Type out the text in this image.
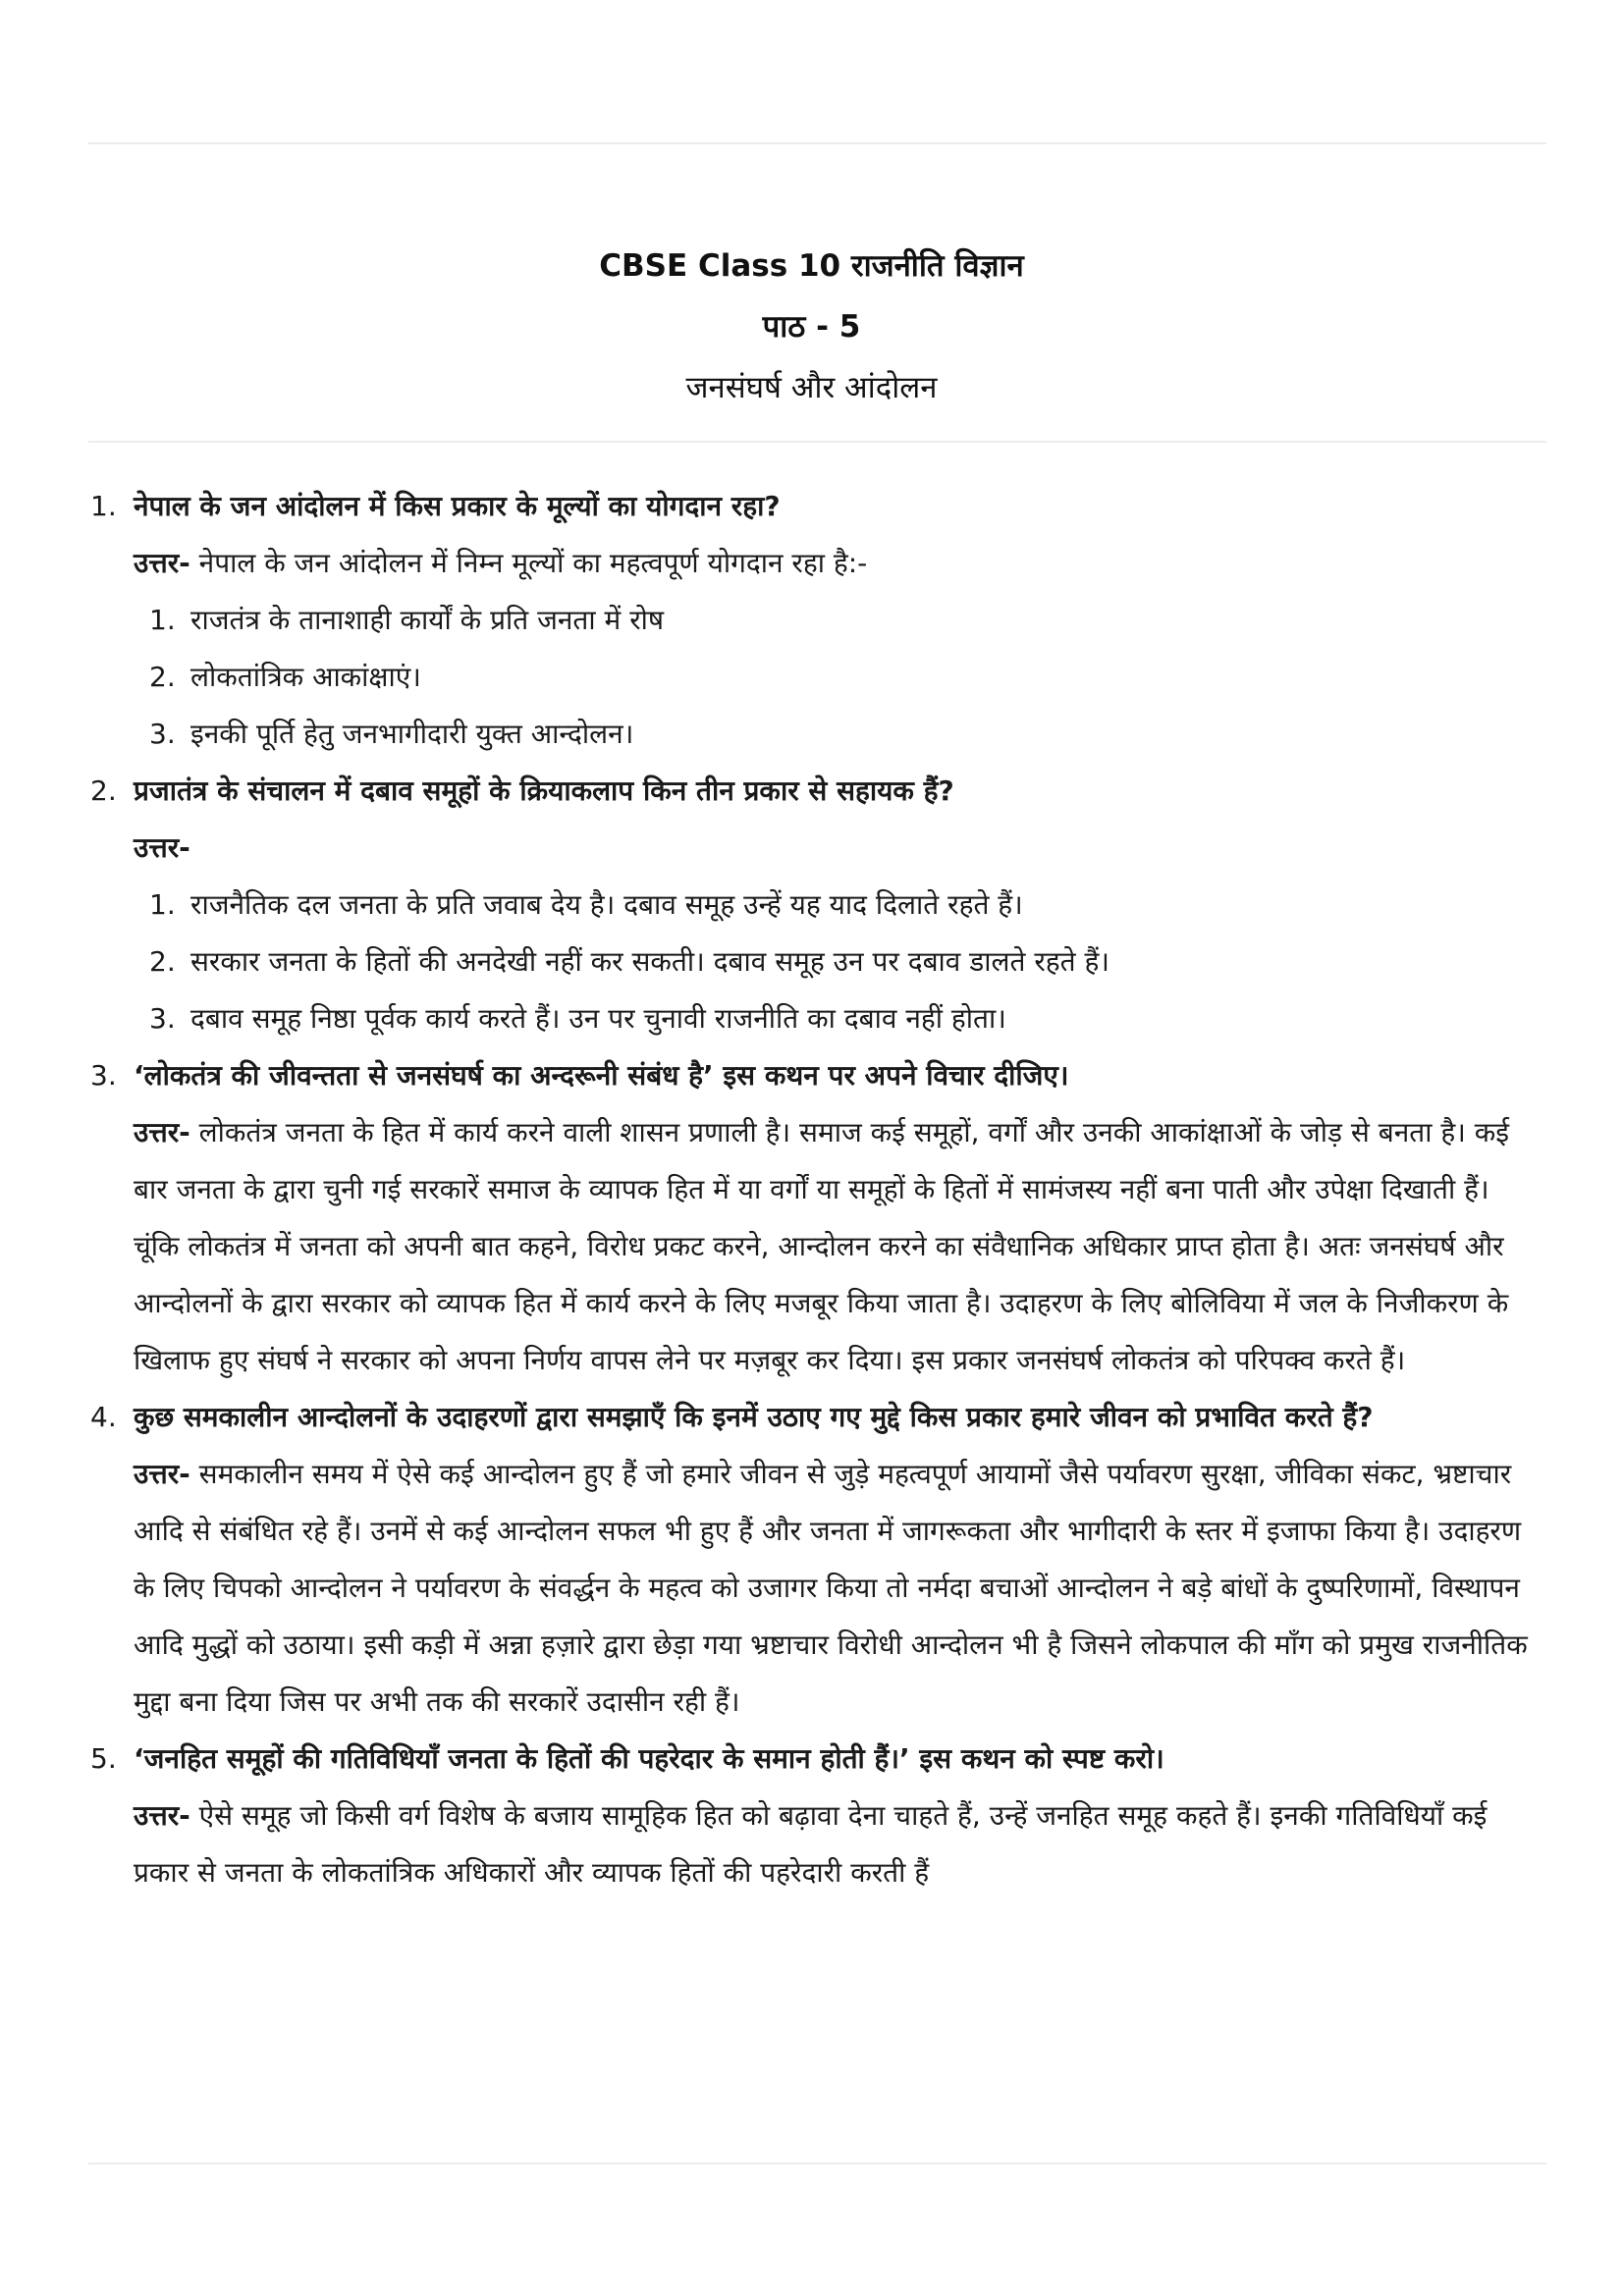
CBSE Class 10 राजनीति विज्ञान
पाठ - 5
जनसंघर्ष और आंदोलन
1. नेपाल के जन आंदोलन में किस प्रकार के मूल्यों का योगदान रहा?
उत्तर- नेपाल के जन आंदोलन में निम्न मूल्यों का महत्वपूर्ण योगदान रहा है:-
1. राजतंत्र के तानाशाही कार्यों के प्रति जनता में रोष
2. लोकतांत्रिक आकांक्षाएं।
3. इनकी पूर्ति हेतु जनभागीदारी युक्त आन्दोलन।
2. प्रजातंत्र के संचालन में दबाव समूहों के क्रियाकलाप किन तीन प्रकार से सहायक हैं?
उत्तर-
1. राजनैतिक दल जनता के प्रति जवाब देय है। दबाव समूह उन्हें यह याद दिलाते रहते हैं।
2. सरकार जनता के हितों की अनदेखी नहीं कर सकती। दबाव समूह उन पर दबाव डालते रहते हैं।
3. दबाव समूह निष्ठा पूर्वक कार्य करते हैं। उन पर चुनावी राजनीति का दबाव नहीं होता।
3. ‘लोकतंत्र की जीवन्तता से जनसंघर्ष का अन्दरूनी संबंध है’ इस कथन पर अपने विचार दीजिए।
उत्तर- लोकतंत्र जनता के हित में कार्य करने वाली शासन प्रणाली है। समाज कई समूहों, वर्गों और उनकी आकांक्षाओं के जोड़ से बनता है। कई बार जनता के द्वारा चुनी गई सरकारें समाज के व्यापक हित में या वर्गों या समूहों के हितों में सामंजस्य नहीं बना पाती और उपेक्षा दिखाती हैं। चूंकि लोकतंत्र में जनता को अपनी बात कहने, विरोध प्रकट करने, आन्दोलन करने का संवैधानिक अधिकार प्राप्त होता है। अतः जनसंघर्ष और आन्दोलनों के द्वारा सरकार को व्यापक हित में कार्य करने के लिए मजबूर किया जाता है। उदाहरण के लिए बोलिविया में जल के निजीकरण के खिलाफ हुए संघर्ष ने सरकार को अपना निर्णय वापस लेने पर मज़बूर कर दिया। इस प्रकार जनसंघर्ष लोकतंत्र को परिपक्व करते हैं।
4. कुछ समकालीन आन्दोलनों के उदाहरणों द्वारा समझाएँ कि इनमें उठाए गए मुद्दे किस प्रकार हमारे जीवन को प्रभावित करते हैं?
उत्तर- समकालीन समय में ऐसे कई आन्दोलन हुए हैं जो हमारे जीवन से जुड़े महत्वपूर्ण आयामों जैसे पर्यावरण सुरक्षा, जीविका संकट, भ्रष्टाचार आदि से संबंधित रहे हैं। उनमें से कई आन्दोलन सफल भी हुए हैं और जनता में जागरूकता और भागीदारी के स्तर में इजाफा किया है। उदाहरण के लिए चिपको आन्दोलन ने पर्यावरण के संवर्द्धन के महत्व को उजागर किया तो नर्मदा बचाओं आन्दोलन ने बड़े बांधों के दुष्परिणामों, विस्थापन आदि मुद्धों को उठाया। इसी कड़ी में अन्ना हज़ारे द्वारा छेड़ा गया भ्रष्टाचार विरोधी आन्दोलन भी है जिसने लोकपाल की माँग को प्रमुख राजनीतिक मुद्दा बना दिया जिस पर अभी तक की सरकारें उदासीन रही हैं।
5. ‘जनहित समूहों की गतिविधियाँ जनता के हितों की पहरेदार के समान होती हैं।’ इस कथन को स्पष्ट करो।
उत्तर- ऐसे समूह जो किसी वर्ग विशेष के बजाय सामूहिक हित को बढ़ावा देना चाहते हैं, उन्हें जनहित समूह कहते हैं। इनकी गतिविधियाँ कई प्रकार से जनता के लोकतांत्रिक अधिकारों और व्यापक हितों की पहरेदारी करती हैं
